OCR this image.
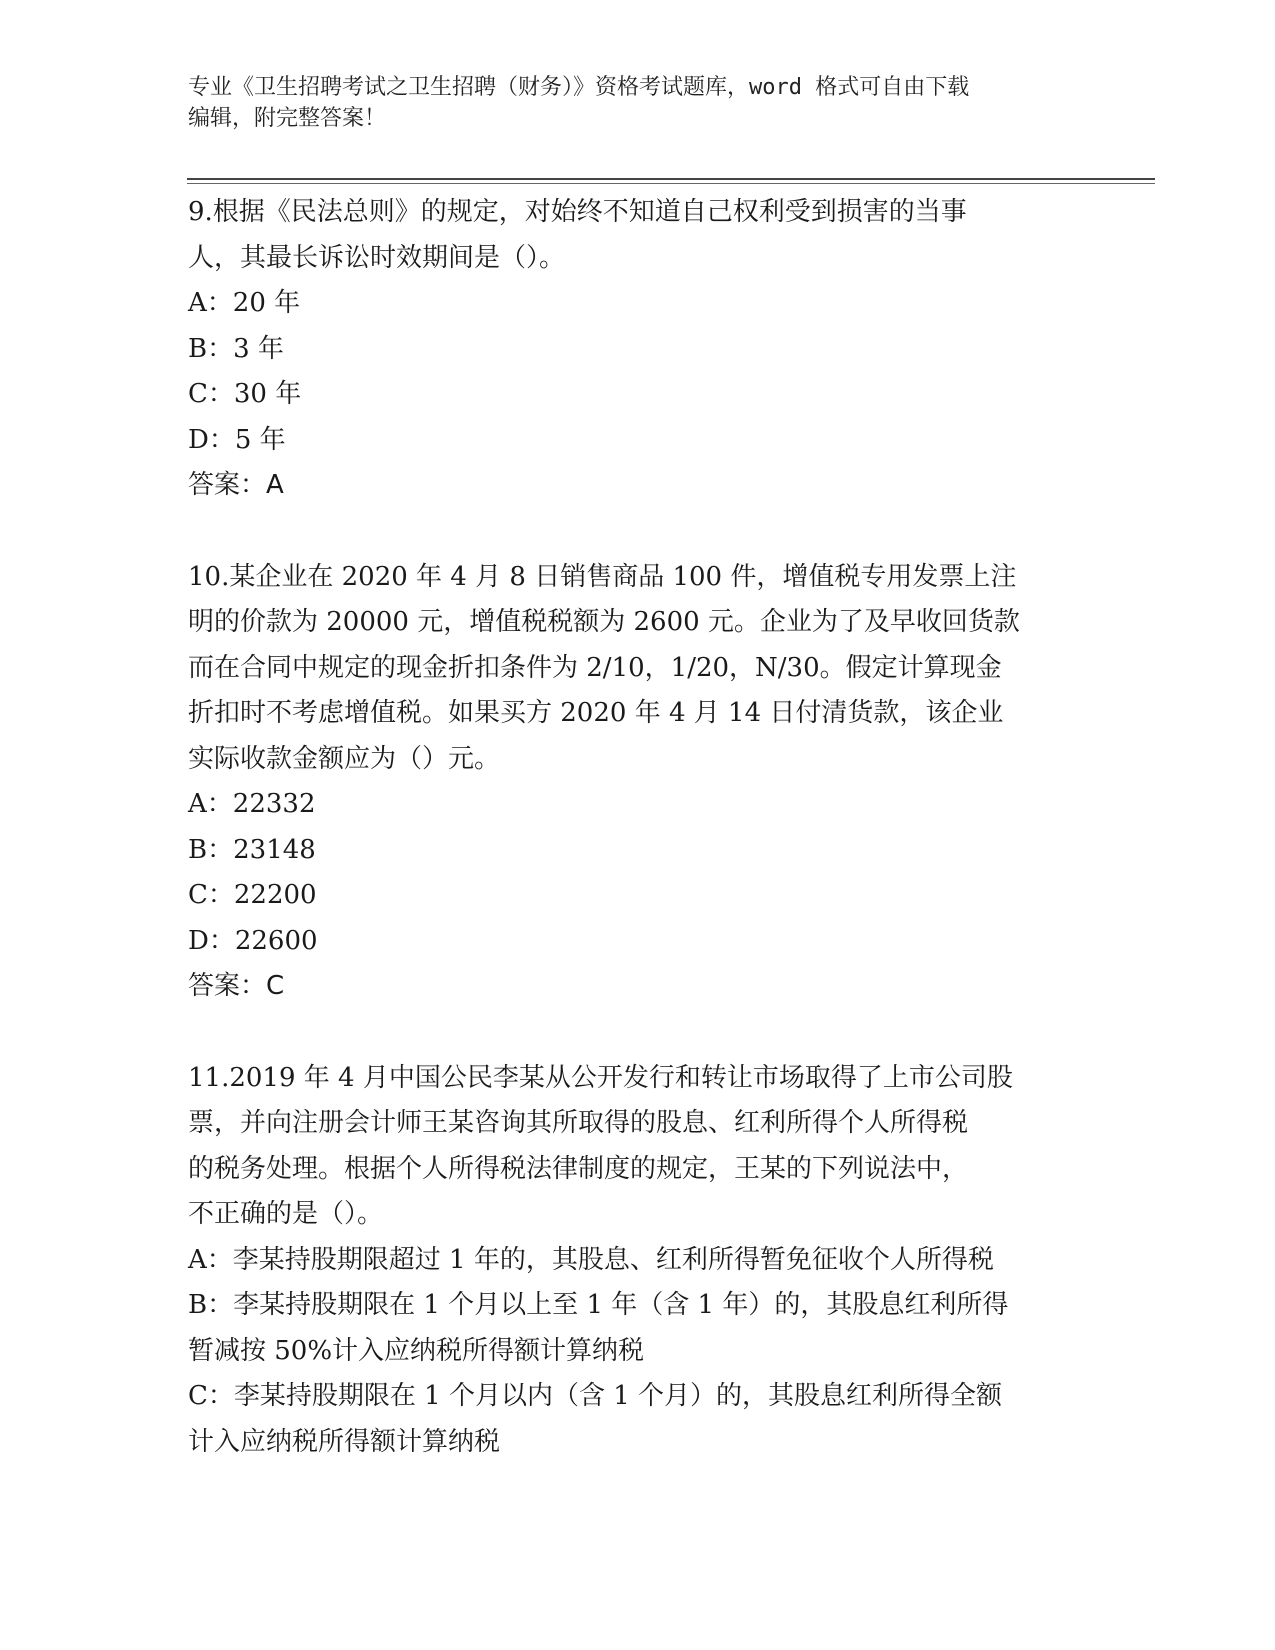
专业《卫生招聘考试之卫生招聘（财务）》资格考试题库，word 格式可自由下载
编辑，附完整答案！
9.根据《民法总则》的规定，对始终不知道自己权利受到损害的当事
人，其最长诉讼时效期间是（）。
A：20 年
B：3 年
C：30 年
D：5 年
答案：A
10.某企业在 2020 年 4 月 8 日销售商品 100 件，增值税专用发票上注
明的价款为 20000 元，增值税税额为 2600 元。企业为了及早收回货款
而在合同中规定的现金折扣条件为 2/10，1/20，N/30。假定计算现金
折扣时不考虑增值税。如果买方 2020 年 4 月 14 日付清货款，该企业
实际收款金额应为（）元。
A：22332
B：23148
C：22200
D：22600
答案：C
11.2019 年 4 月中国公民李某从公开发行和转让市场取得了上市公司股
票，并向注册会计师王某咨询其所取得的股息、红利所得个人所得税
的税务处理。根据个人所得税法律制度的规定，王某的下列说法中，
不正确的是（）。
A：李某持股期限超过 1 年的，其股息、红利所得暂免征收个人所得税
B：李某持股期限在 1 个月以上至 1 年（含 1 年）的，其股息红利所得
暂减按 50%计入应纳税所得额计算纳税
C：李某持股期限在 1 个月以内（含 1 个月）的，其股息红利所得全额
计入应纳税所得额计算纳税
